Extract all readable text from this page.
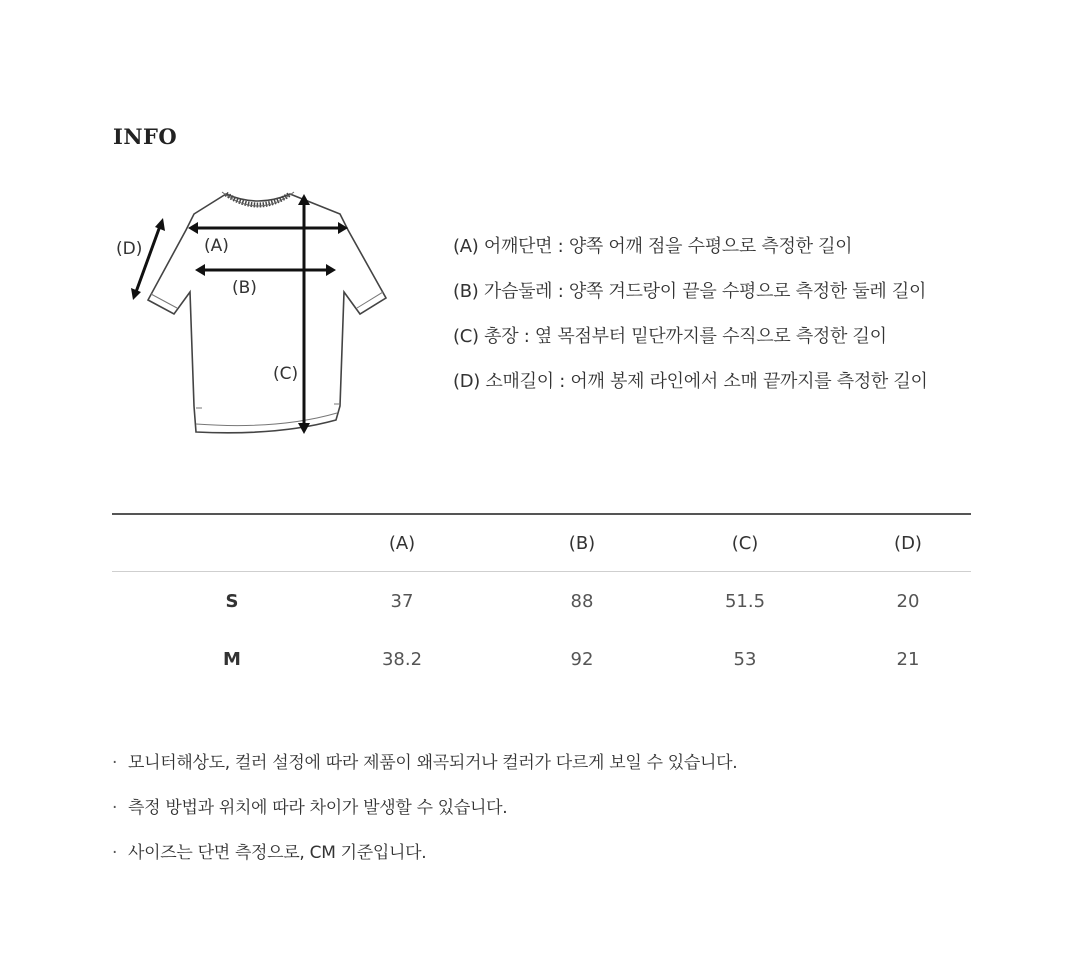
INFO
(A)
(B)
(C)
(D)	(A) 어깨단면 : 양쪽 어깨 점을 수평으로 측정한 길이
(B) 가슴둘레 : 양쪽 겨드랑이 끝을 수평으로 측정한 둘레 길이
(C) 총장 : 옆 목점부터 밑단까지를 수직으로 측정한 길이
(D) 소매길이 : 어깨 봉제 라인에서 소매 끝까지를 측정한 길이
(A)	(B)	(C)	(D)
S	37	88	51.5	20
M	38.2	92	53	21
· 모니터해상도, 컬러 설정에 따라 제품이 왜곡되거나 컬러가 다르게 보일 수 있습니다.
· 측정 방법과 위치에 따라 차이가 발생할 수 있습니다.
· 사이즈는 단면 측정으로, CM 기준입니다.
